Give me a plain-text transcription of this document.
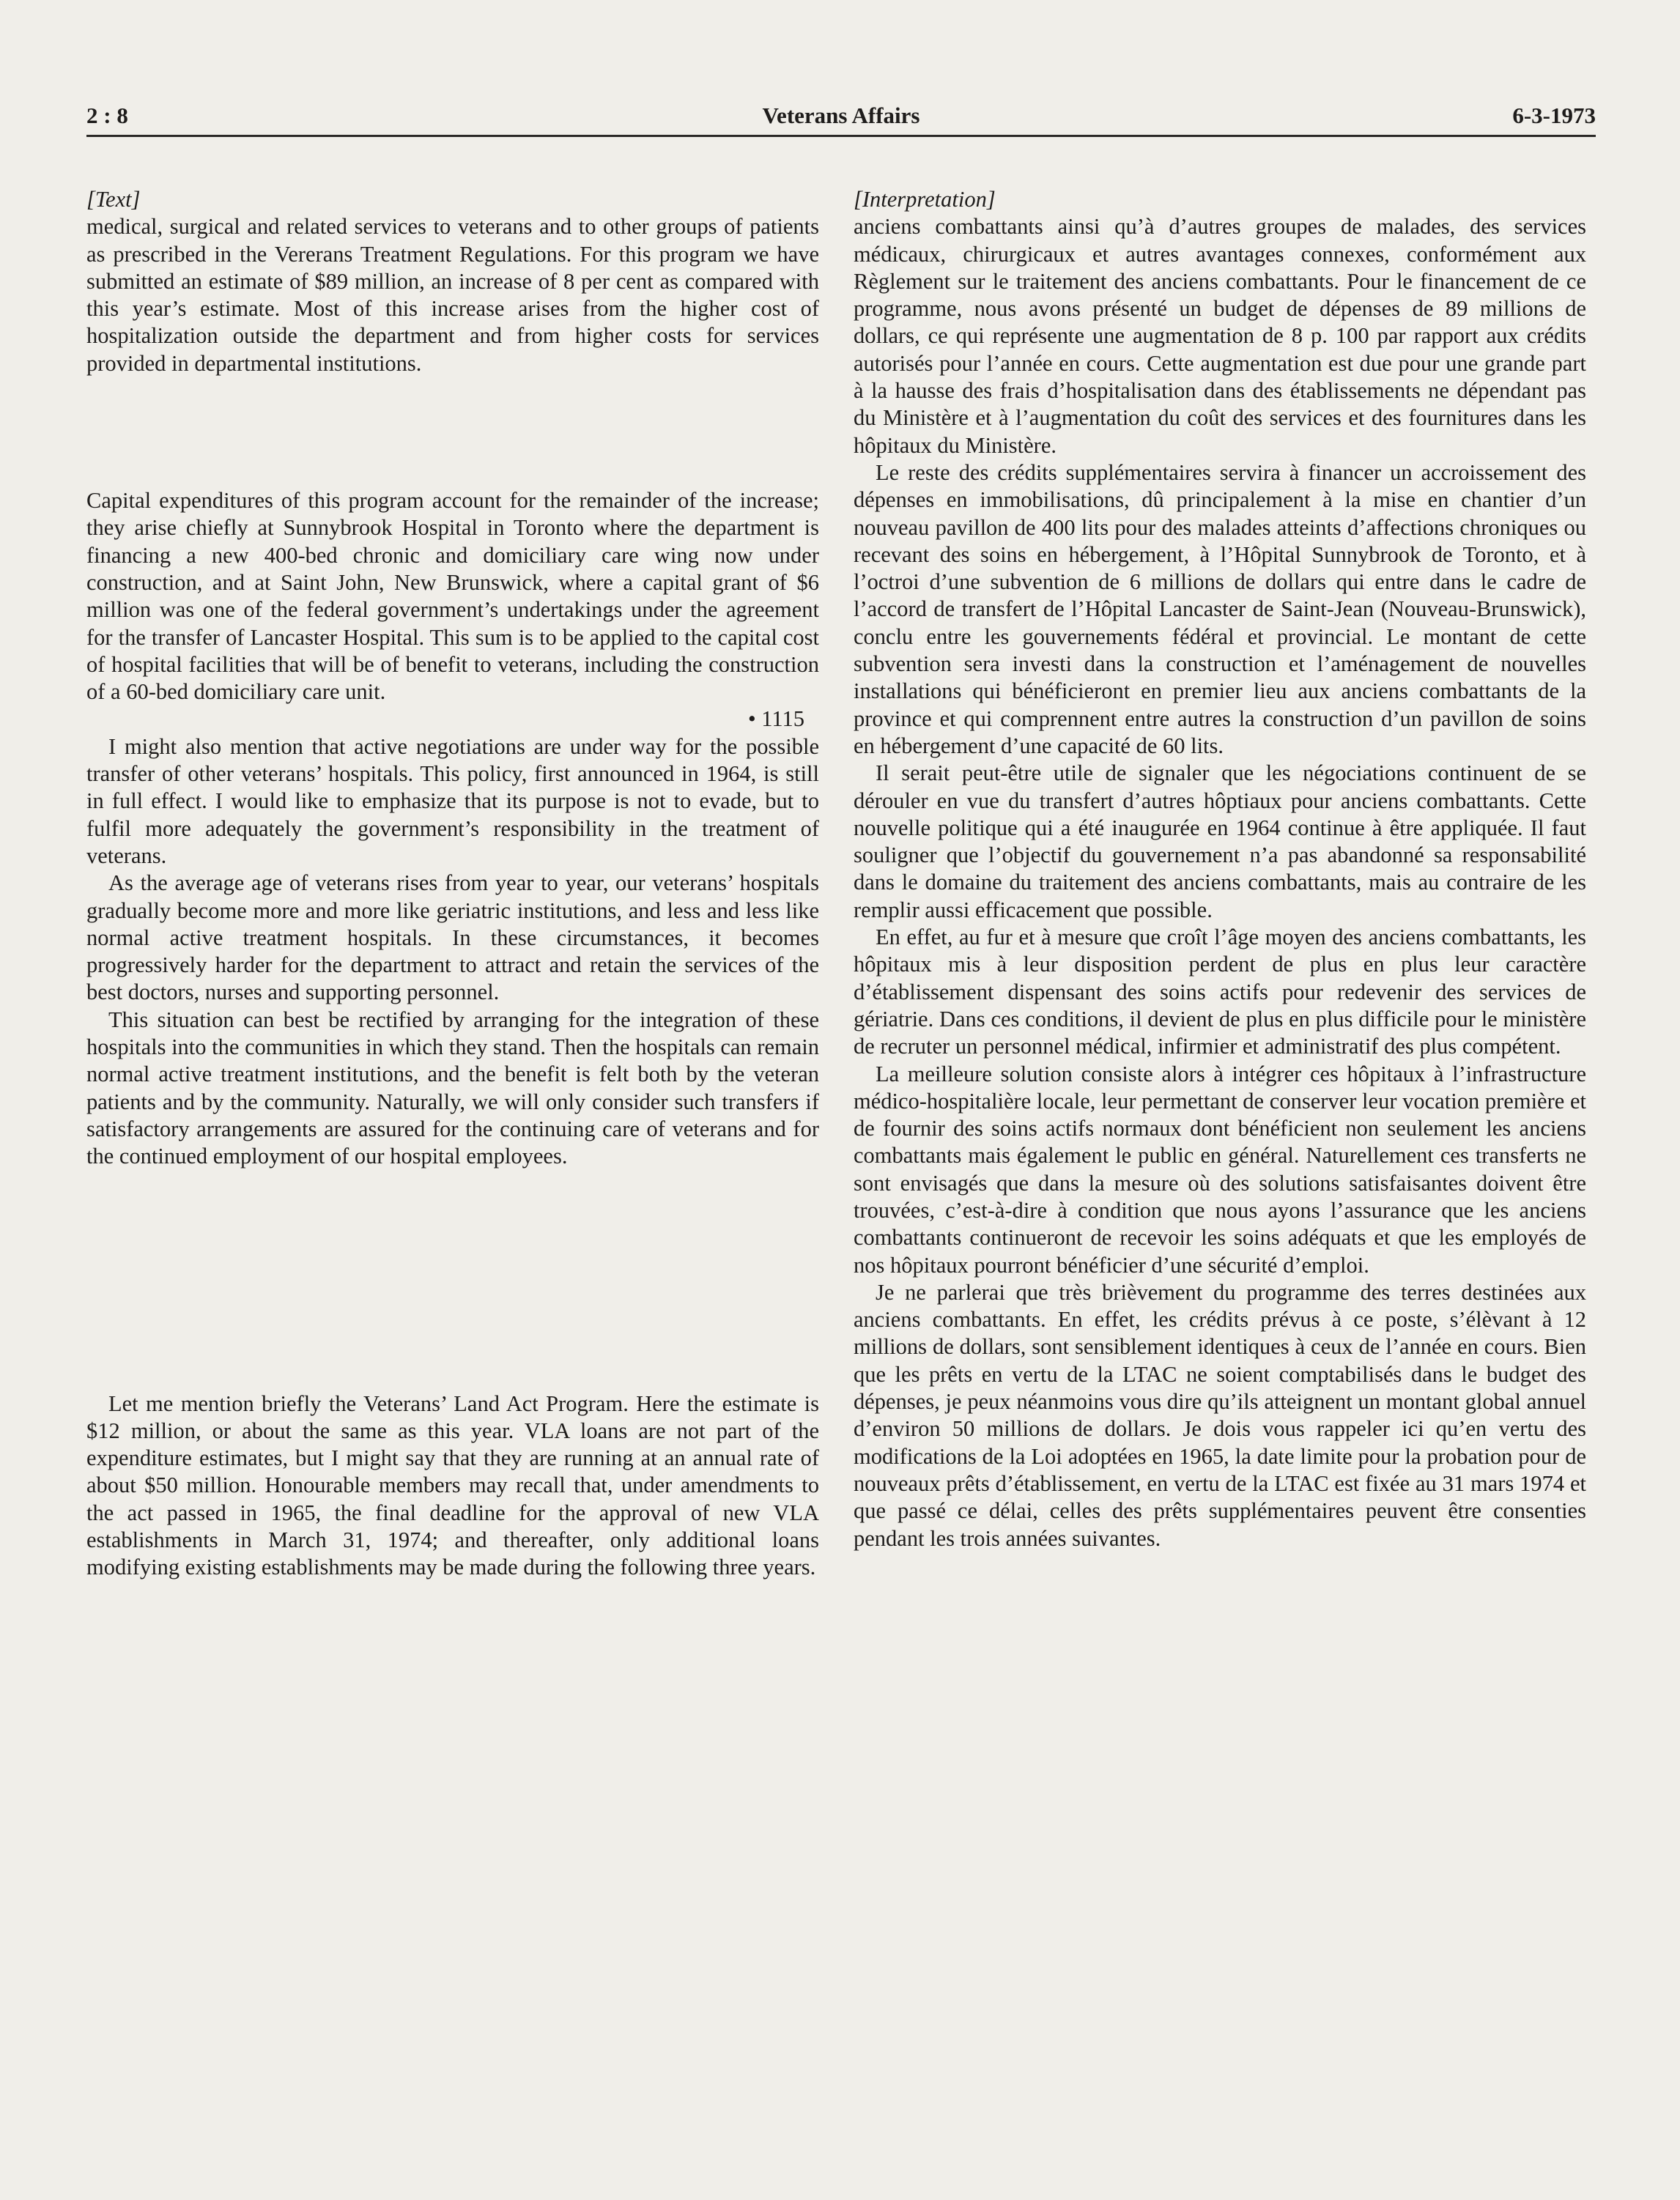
2 : 8	Veterans Affairs	6-3-1973

[Text]

medical, surgical and related services to veterans and to other groups of patients as prescribed in the Vererans Treatment Regulations. For this program we have submitted an estimate of $89 million, an increase of 8 per cent as compared with this year’s estimate. Most of this increase arises from the higher cost of hospitalization outside the department and from higher costs for services provided in departmental institutions.

Capital expenditures of this program account for the remainder of the increase; they arise chiefly at Sunnybrook Hospital in Toronto where the department is financing a new 400-bed chronic and domiciliary care wing now under construction, and at Saint John, New Brunswick, where a capital grant of $6 million was one of the federal government’s undertakings under the agreement for the transfer of Lancaster Hospital. This sum is to be applied to the capital cost of hospital facilities that will be of benefit to veterans, including the construction of a 60-bed domiciliary care unit.

• 1115

I might also mention that active negotiations are under way for the possible transfer of other veterans’ hospitals. This policy, first announced in 1964, is still in full effect. I would like to emphasize that its purpose is not to evade, but to fulfil more adequately the government’s responsibility in the treatment of veterans.

As the average age of veterans rises from year to year, our veterans’ hospitals gradually become more and more like geriatric institutions, and less and less like normal active treatment hospitals. In these circumstances, it becomes progressively harder for the department to attract and retain the services of the best doctors, nurses and supporting personnel.

This situation can best be rectified by arranging for the integration of these hospitals into the communities in which they stand. Then the hospitals can remain normal active treatment institutions, and the benefit is felt both by the veteran patients and by the community. Naturally, we will only consider such transfers if satisfactory arrangements are assured for the continuing care of veterans and for the continued employment of our hospital employees.

Let me mention briefly the Veterans’ Land Act Program. Here the estimate is $12 million, or about the same as this year. VLA loans are not part of the expenditure estimates, but I might say that they are running at an annual rate of about $50 million. Honourable members may recall that, under amendments to the act passed in 1965, the final deadline for the approval of new VLA establishments in March 31, 1974; and thereafter, only additional loans modifying existing establishments may be made during the following three years.

[Interpretation]

anciens combattants ainsi qu’à d’autres groupes de malades, des services médicaux, chirurgicaux et autres avantages connexes, conformément aux Règlement sur le traitement des anciens combattants. Pour le financement de ce programme, nous avons présenté un budget de dépenses de 89 millions de dollars, ce qui représente une augmentation de 8 p. 100 par rapport aux crédits autorisés pour l’année en cours. Cette augmentation est due pour une grande part à la hausse des frais d’hospitalisation dans des établissements ne dépendant pas du Ministère et à l’augmentation du coût des services et des fournitures dans les hôpitaux du Ministère.

Le reste des crédits supplémentaires servira à financer un accroissement des dépenses en immobilisations, dû principalement à la mise en chantier d’un nouveau pavillon de 400 lits pour des malades atteints d’affections chroniques ou recevant des soins en hébergement, à l’Hôpital Sunnybrook de Toronto, et à l’octroi d’une subvention de 6 millions de dollars qui entre dans le cadre de l’accord de transfert de l’Hôpital Lancaster de Saint-Jean (Nouveau-Brunswick), conclu entre les gouvernements fédéral et provincial. Le montant de cette subvention sera investi dans la construction et l’aménagement de nouvelles installations qui bénéficieront en premier lieu aux anciens combattants de la province et qui comprennent entre autres la construction d’un pavillon de soins en hébergement d’une capacité de 60 lits.

Il serait peut-être utile de signaler que les négociations continuent de se dérouler en vue du transfert d’autres hôptiaux pour anciens combattants. Cette nouvelle politique qui a été inaugurée en 1964 continue à être appliquée. Il faut souligner que l’objectif du gouvernement n’a pas abandonné sa responsabilité dans le domaine du traitement des anciens combattants, mais au contraire de les remplir aussi efficacement que possible.

En effet, au fur et à mesure que croît l’âge moyen des anciens combattants, les hôpitaux mis à leur disposition perdent de plus en plus leur caractère d’établissement dispensant des soins actifs pour redevenir des services de gériatrie. Dans ces conditions, il devient de plus en plus difficile pour le ministère de recruter un personnel médical, infirmier et administratif des plus compétent.

La meilleure solution consiste alors à intégrer ces hôpitaux à l’infrastructure médico-hospitalière locale, leur permettant de conserver leur vocation première et de fournir des soins actifs normaux dont bénéficient non seulement les anciens combattants mais également le public en général. Naturellement ces transferts ne sont envisagés que dans la mesure où des solutions satisfaisantes doivent être trouvées, c’est-à-dire à condition que nous ayons l’assurance que les anciens combattants continueront de recevoir les soins adéquats et que les employés de nos hôpitaux pourront bénéficier d’une sécurité d’emploi.

Je ne parlerai que très brièvement du programme des terres destinées aux anciens combattants. En effet, les crédits prévus à ce poste, s’élèvant à 12 millions de dollars, sont sensiblement identiques à ceux de l’année en cours. Bien que les prêts en vertu de la LTAC ne soient comptabilisés dans le budget des dépenses, je peux néanmoins vous dire qu’ils atteignent un montant global annuel d’environ 50 millions de dollars. Je dois vous rappeler ici qu’en vertu des modifications de la Loi adoptées en 1965, la date limite pour la probation pour de nouveaux prêts d’établissement, en vertu de la LTAC est fixée au 31 mars 1974 et que passé ce délai, celles des prêts supplémentaires peuvent être consenties pendant les trois années suivantes.
